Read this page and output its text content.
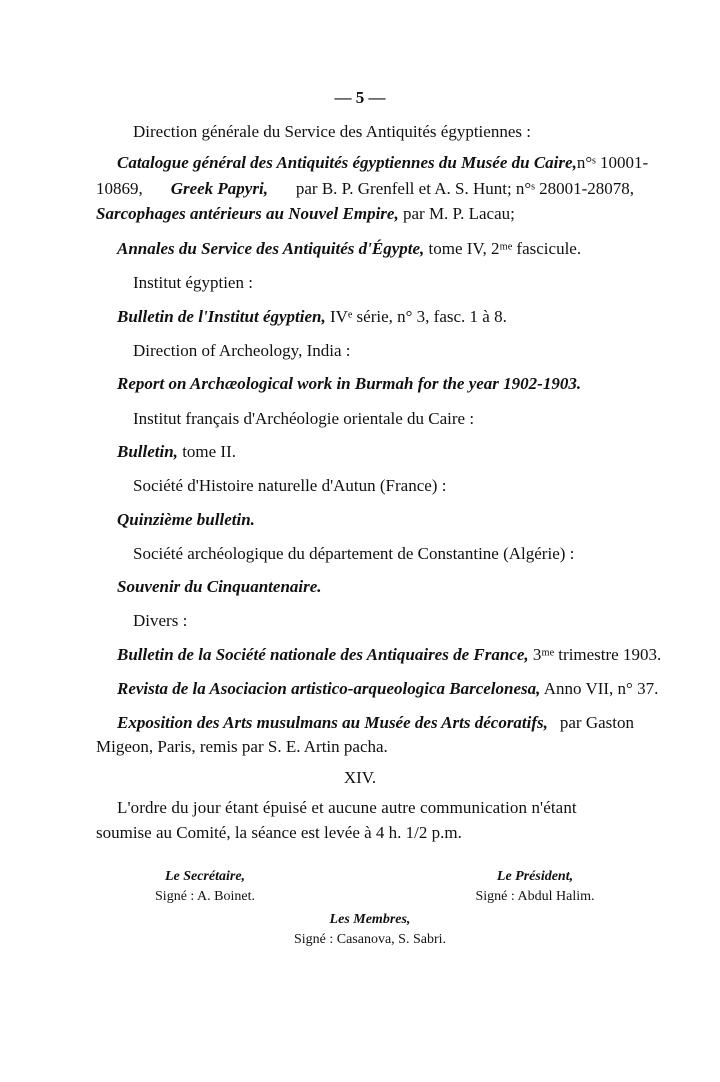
— 5 —
Direction générale du Service des Antiquités égyptiennes :
Catalogue général des Antiquités égyptiennes du Musée du Caire, n°ˢ 10001-
10869, Greek Papyri, par B. P. Grenfell et A. S. Hunt; n°ˢ 28001-28078,
Sarcophages antérieurs au Nouvel Empire, par M. P. Lacau;
Annales du Service des Antiquités d'Égypte, tome IV, 2ᵐᵉ fascicule.
Institut égyptien :
Bulletin de l'Institut égyptien, IVᵉ série, n° 3, fasc. 1 à 8.
Direction of Archeology, India :
Report on Archæological work in Burmah for the year 1902-1903.
Institut français d'Archéologie orientale du Caire :
Bulletin, tome II.
Société d'Histoire naturelle d'Autun (France) :
Quinzième bulletin.
Société archéologique du département de Constantine (Algérie) :
Souvenir du Cinquantenaire.
Divers :
Bulletin de la Société nationale des Antiquaires de France, 3ᵐᵉ trimestre 1903.
Revista de la Asociacion artistico-arqueologica Barcelonesa, Anno VII, n° 37.
Exposition des Arts musulmans au Musée des Arts décoratifs, par Gaston
Migeon, Paris, remis par S. E. Artin pacha.
XIV.
L'ordre du jour étant épuisé et aucune autre communication n'étant
soumise au Comité, la séance est levée à 4 h. 1/2 p.m.
Le Secrétaire,
Signé : A. Boinet.
Le Président,
Signé : Abdul Halim.
Les Membres,
Signé : Casanova, S. Sabri.
